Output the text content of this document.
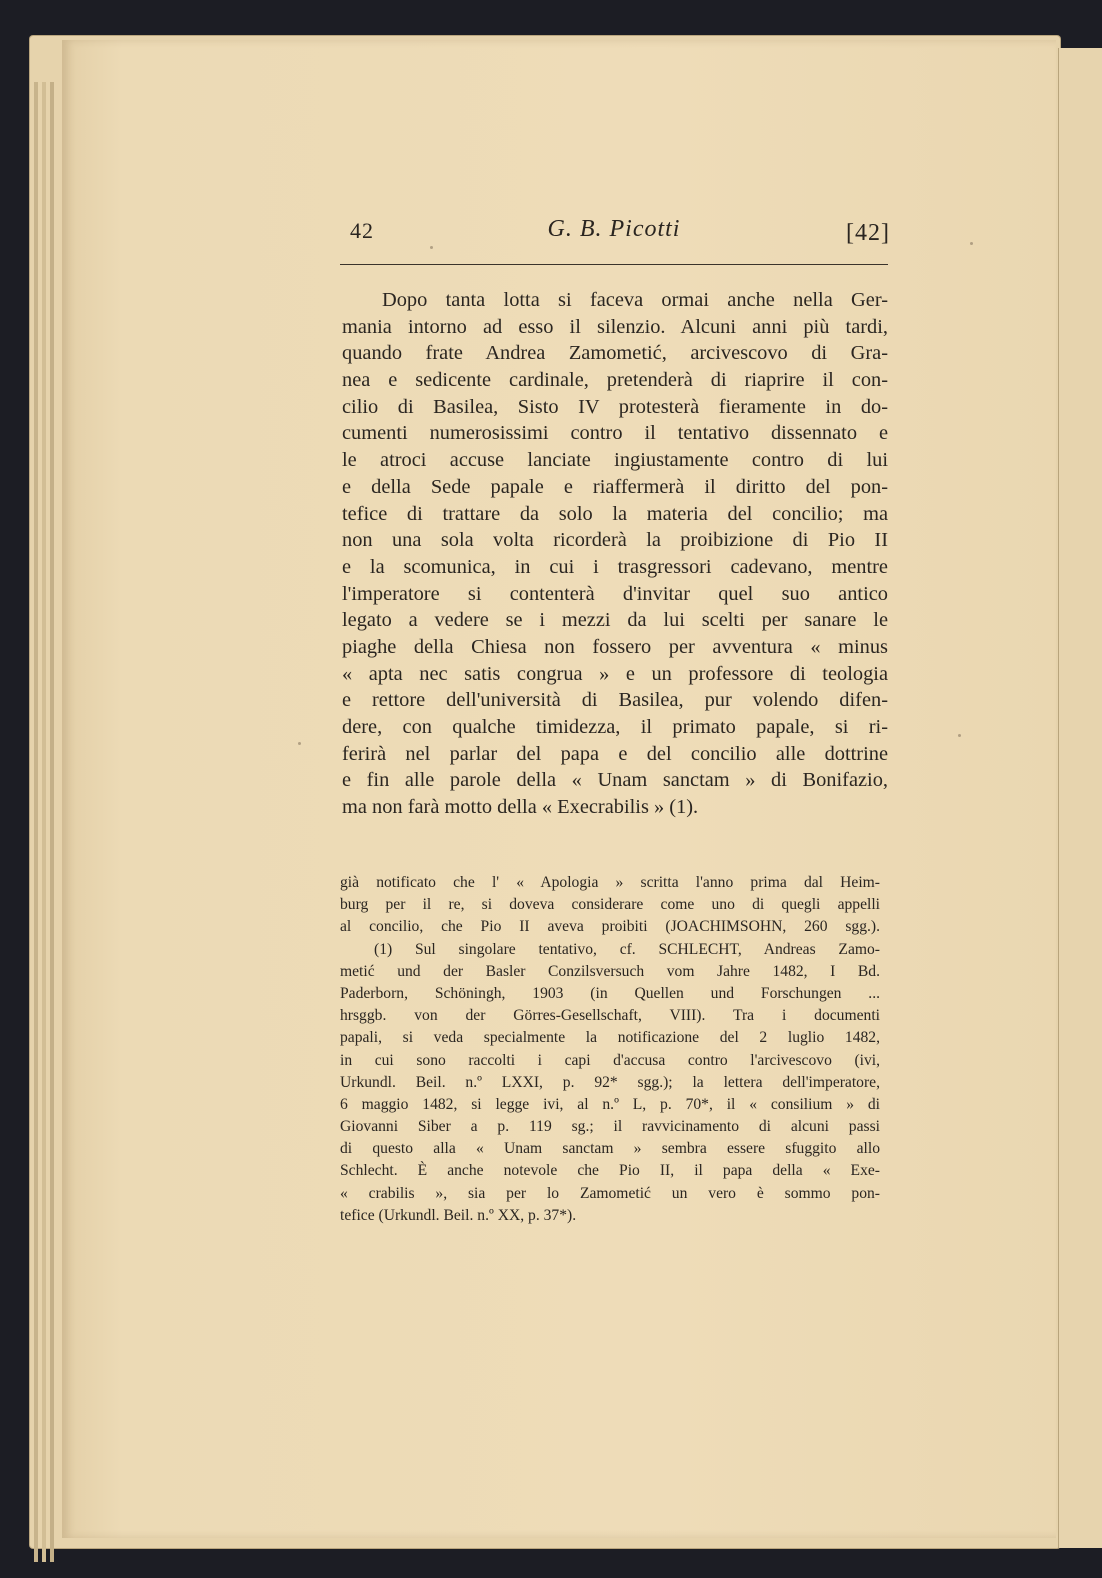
42	G. B. Picotti	[42]
Dopo tanta lotta si faceva ormai anche nella Ger-
mania intorno ad esso il silenzio. Alcuni anni più tardi,
quando frate Andrea Zamometić, arcivescovo di Gra-
nea e sedicente cardinale, pretenderà di riaprire il con-
cilio di Basilea, Sisto IV protesterà fieramente in do-
cumenti numerosissimi contro il tentativo dissennato e
le atroci accuse lanciate ingiustamente contro di lui
e della Sede papale e riaffermerà il diritto del pon-
tefice di trattare da solo la materia del concilio; ma
non una sola volta ricorderà la proibizione di Pio II
e la scomunica, in cui i trasgressori cadevano, mentre
l'imperatore si contenterà d'invitar quel suo antico
legato a vedere se i mezzi da lui scelti per sanare le
piaghe della Chiesa non fossero per avventura « minus
« apta nec satis congrua » e un professore di teologia
e rettore dell'università di Basilea, pur volendo difen-
dere, con qualche timidezza, il primato papale, si ri-
ferirà nel parlar del papa e del concilio alle dottrine
e fin alle parole della « Unam sanctam » di Bonifazio,
ma non farà motto della « Execrabilis » (1).
già notificato che l' « Apologia » scritta l'anno prima dal Heim-
burg per il re, si doveva considerare come uno di quegli appelli
al concilio, che Pio II aveva proibiti (JOACHIMSOHN, 260 sgg.).
(1) Sul singolare tentativo, cf. SCHLECHT, Andreas Zamo-
metić und der Basler Conzilsversuch vom Jahre 1482, I Bd.
Paderborn, Schöningh, 1903 (in Quellen und Forschungen ...
hrsggb. von der Görres-Gesellschaft, VIII). Tra i documenti
papali, si veda specialmente la notificazione del 2 luglio 1482,
in cui sono raccolti i capi d'accusa contro l'arcivescovo (ivi,
Urkundl. Beil. n.º LXXI, p. 92* sgg.); la lettera dell'imperatore,
6 maggio 1482, si legge ivi, al n.º L, p. 70*, il « consilium » di
Giovanni Siber a p. 119 sg.; il ravvicinamento di alcuni passi
di questo alla « Unam sanctam » sembra essere sfuggito allo
Schlecht. È anche notevole che Pio II, il papa della « Exe-
« crabilis », sia per lo Zamometić un vero è sommo pon-
tefice (Urkundl. Beil. n.º XX, p. 37*).
